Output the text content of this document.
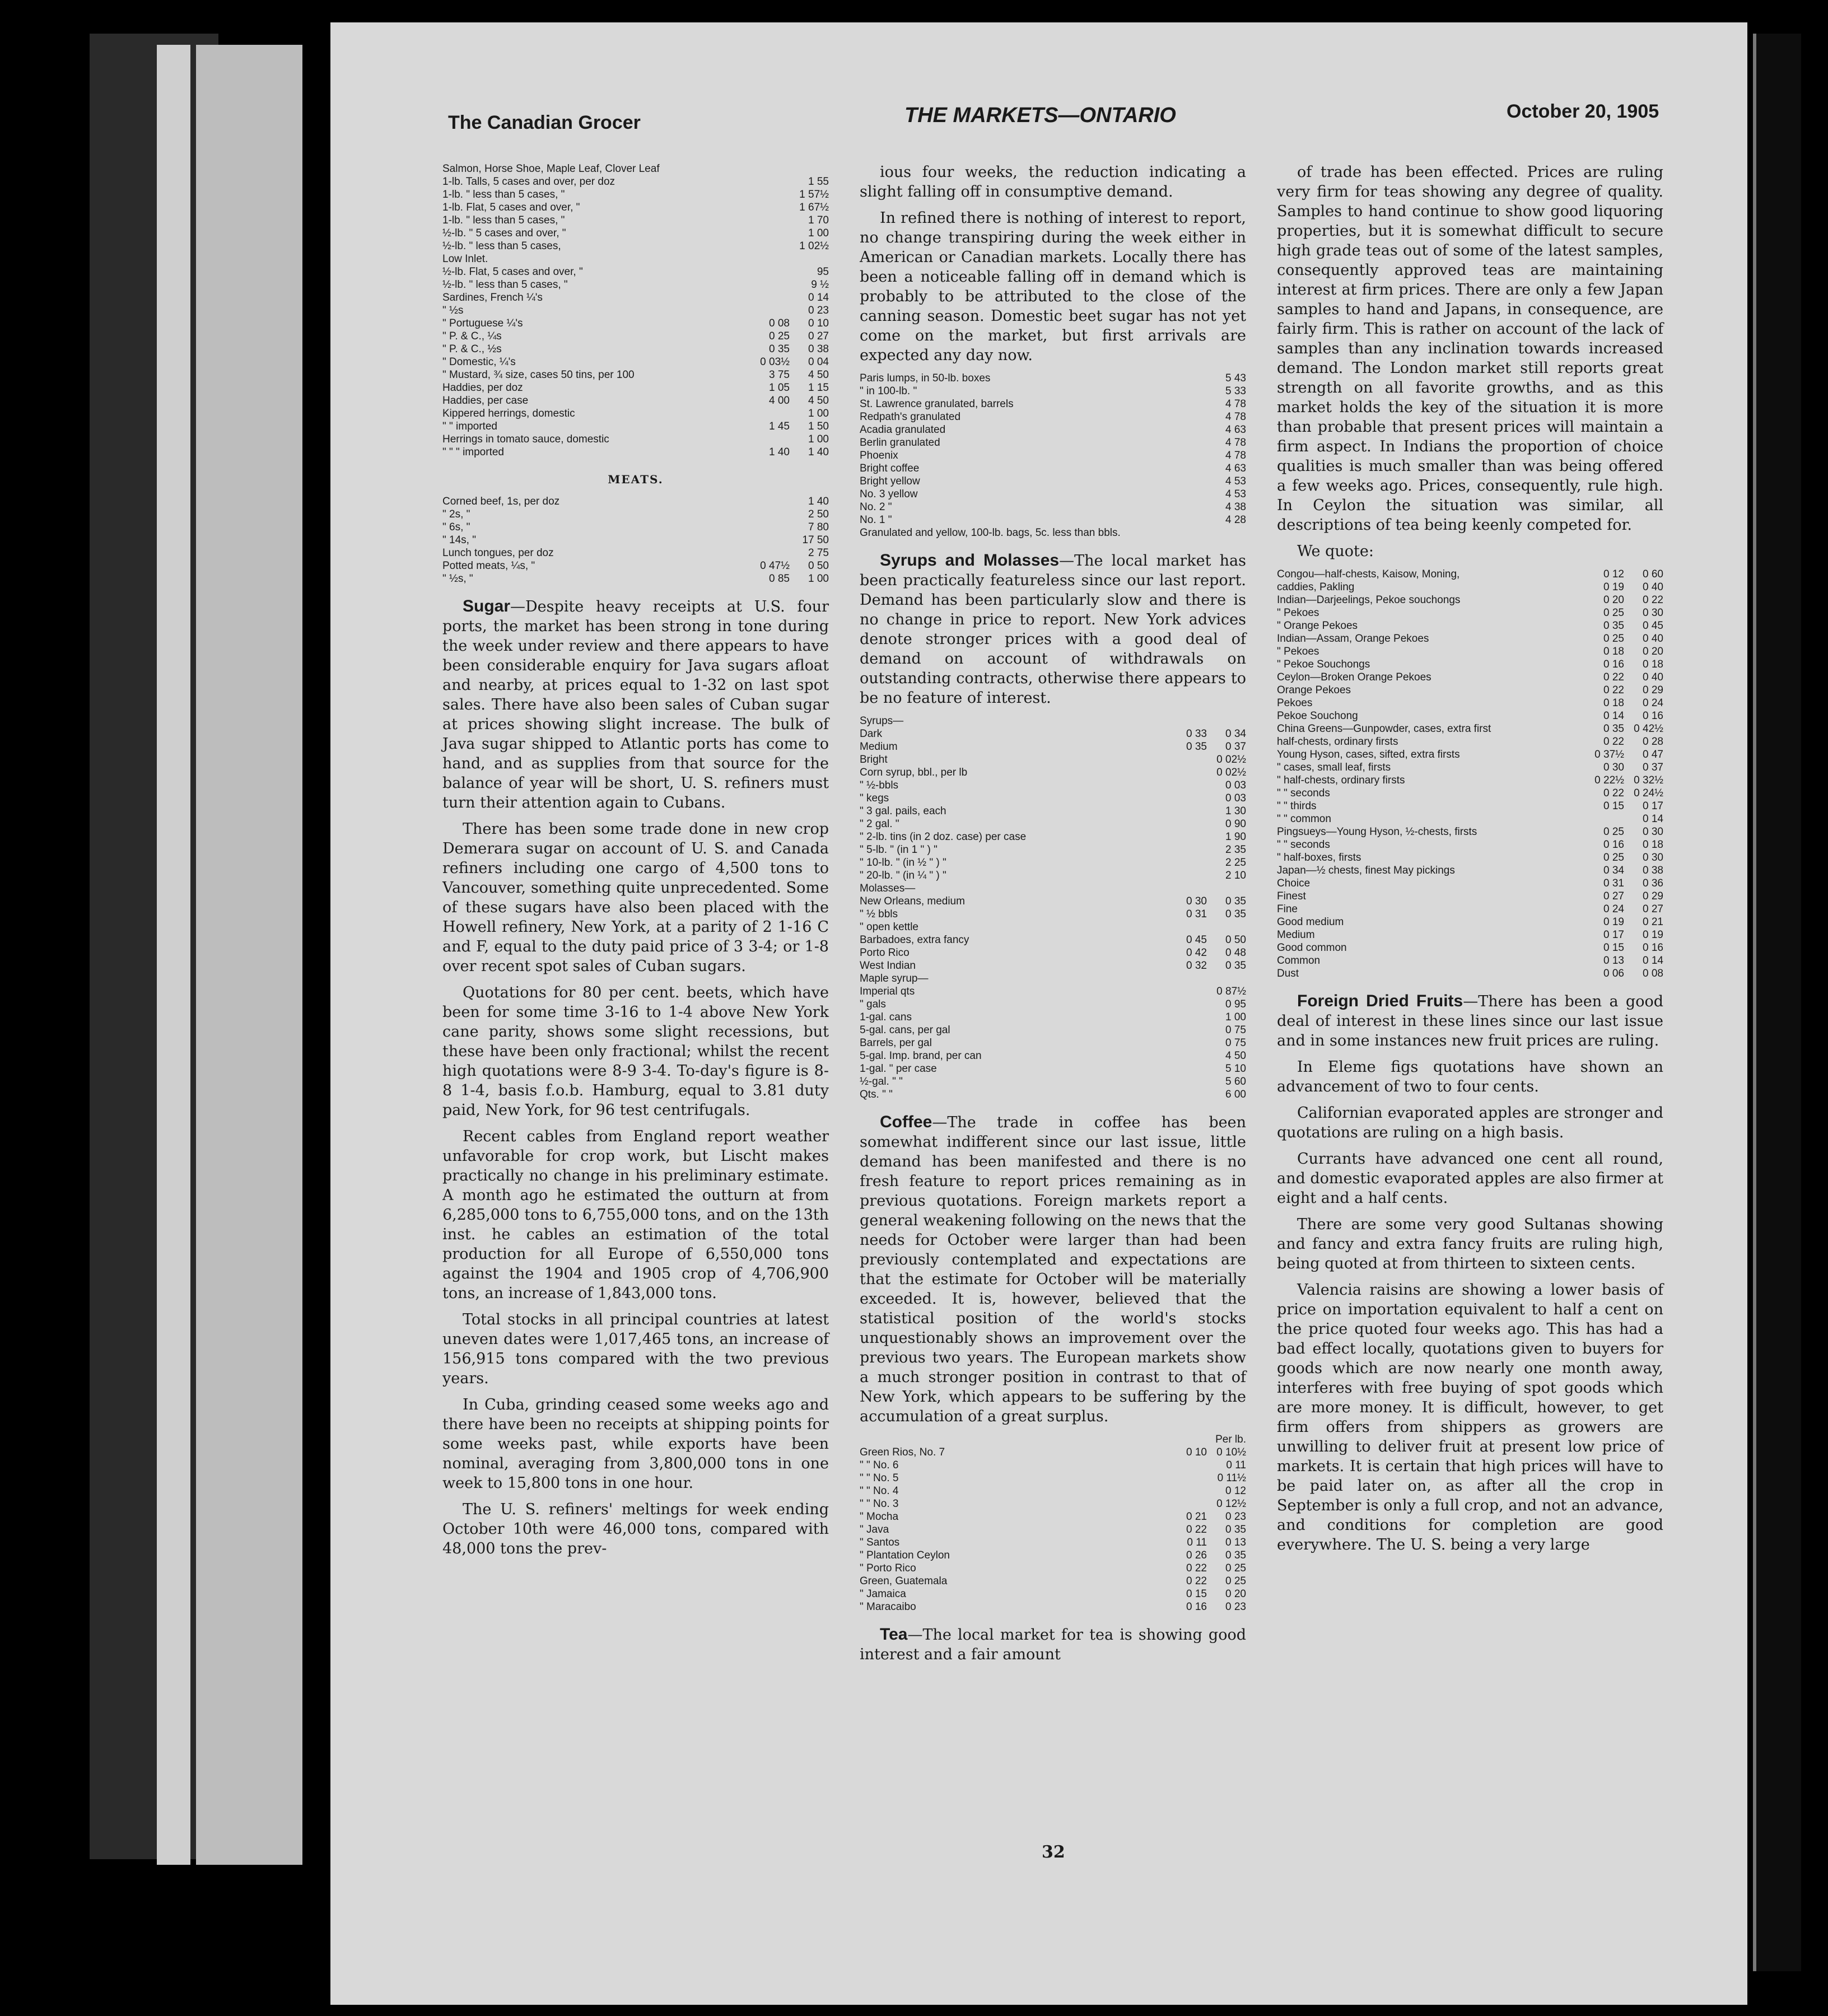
The Canadian Grocer	THE MARKETS—ONTARIO	October 20, 1905
Salmon, Horse Shoe, Maple Leaf, Clover Leaf
1-lb. Talls, 5 cases and over, per doz	1 55
1-lb. " less than 5 cases, "	1 57½
1-lb. Flat, 5 cases and over, "	1 67½
1-lb. " less than 5 cases, "	1 70
½-lb. " 5 cases and over, "	1 00
½-lb. " less than 5 cases,	1 02½
Low Inlet.
½-lb. Flat, 5 cases and over, "	95
½-lb. " less than 5 cases, "	9 ½
Sardines, French ¼'s	0 14
" ½s	0 23
" Portuguese ¼'s	0 08	0 10
" P. & C., ¼s	0 25	0 27
" P. & C., ½s	0 35	0 38
" Domestic, ¼'s	0 03½	0 04
" Mustard, ¾ size, cases 50 tins, per 100	3 75	4 50
Haddies, per doz	1 05	1 15
Haddies, per case	4 00	4 50
Kippered herrings, domestic	1 00
" " imported	1 45	1 50
Herrings in tomato sauce, domestic	1 00
" " " imported	1 40	1 40
MEATS.
Corned beef, 1s, per doz	1 40
" 2s, "	2 50
" 6s, "	7 80
" 14s, "	17 50
Lunch tongues, per doz	2 75
Potted meats, ¼s, "	0 47½	0 50
" ½s, "	0 85	1 00

Sugar—Despite heavy receipts at U.S. four ports, the market has been strong in tone during the week under review and there appears to have been considerable enquiry for Java sugars afloat and nearby, at prices equal to 1-32 on last spot sales. There have also been sales of Cuban sugar at prices showing slight increase. The bulk of Java sugar shipped to Atlantic ports has come to hand, and as supplies from that source for the balance of year will be short, U. S. refiners must turn their attention again to Cubans.

There has been some trade done in new crop Demerara sugar on account of U. S. and Canada refiners including one cargo of 4,500 tons to Vancouver, something quite unprecedented. Some of these sugars have also been placed with the Howell refinery, New York, at a parity of 2 1-16 C and F, equal to the duty paid price of 3 3-4; or 1-8 over recent spot sales of Cuban sugars.

Quotations for 80 per cent. beets, which have been for some time 3-16 to 1-4 above New York cane parity, shows some slight recessions, but these have been only fractional; whilst the recent high quotations were 8-9 3-4. To-day's figure is 8-8 1-4, basis f.o.b. Hamburg, equal to 3.81 duty paid, New York, for 96 test centrifugals.

Recent cables from England report weather unfavorable for crop work, but Lischt makes practically no change in his preliminary estimate. A month ago he estimated the outturn at from 6,285,000 tons to 6,755,000 tons, and on the 13th inst. he cables an estimation of the total production for all Europe of 6,550,000 tons against the 1904 and 1905 crop of 4,706,900 tons, an increase of 1,843,000 tons.

Total stocks in all principal countries at latest uneven dates were 1,017,465 tons, an increase of 156,915 tons compared with the two previous years.

In Cuba, grinding ceased some weeks ago and there have been no receipts at shipping points for some weeks past, while exports have been nominal, averaging from 3,800,000 tons in one week to 15,800 tons in one hour.

The U. S. refiners' meltings for week ending October 10th were 46,000 tons, compared with 48,000 tons the prev-

ious four weeks, the reduction indicating a slight falling off in consumptive demand.

In refined there is nothing of interest to report, no change transpiring during the week either in American or Canadian markets. Locally there has been a noticeable falling off in demand which is probably to be attributed to the close of the canning season. Domestic beet sugar has not yet come on the market, but first arrivals are expected any day now.

Paris lumps, in 50-lb. boxes	5 43
" in 100-lb. "	5 33
St. Lawrence granulated, barrels	4 78
Redpath's granulated	4 78
Acadia granulated	4 63
Berlin granulated	4 78
Phoenix	4 78
Bright coffee	4 63
Bright yellow	4 53
No. 3 yellow	4 53
No. 2 "	4 38
No. 1 "	4 28
Granulated and yellow, 100-lb. bags, 5c. less than bbls.

Syrups and Molasses—The local market has been practically featureless since our last report. Demand has been particularly slow and there is no change in price to report. New York advices denote stronger prices with a good deal of demand on account of withdrawals on outstanding contracts, otherwise there appears to be no feature of interest.

Syrups—
Dark	0 33	0 34
Medium	0 35	0 37
Bright	0 02½
Corn syrup, bbl., per lb	0 02½
" ½-bbls	0 03
" kegs	0 03
" 3 gal. pails, each	1 30
" 2 gal. "	0 90
" 2-lb. tins (in 2 doz. case) per case	1 90
" 5-lb. " (in 1 " ) "	2 35
" 10-lb. " (in ½ " ) "	2 25
" 20-lb. " (in ¼ " ) "	2 10
Molasses—
New Orleans, medium	0 30	0 35
" ½ bbls	0 31	0 35
" open kettle
Barbadoes, extra fancy	0 45	0 50
Porto Rico	0 42	0 48
West Indian	0 32	0 35
Maple syrup—
Imperial qts	0 87½
" gals	0 95
1-gal. cans	1 00
5-gal. cans, per gal	0 75
Barrels, per gal	0 75
5-gal. Imp. brand, per can	4 50
1-gal. " per case	5 10
½-gal. " "	5 60
Qts. " "	6 00

Coffee—The trade in coffee has been somewhat indifferent since our last issue, little demand has been manifested and there is no fresh feature to report prices remaining as in previous quotations. Foreign markets report a general weakening following on the news that the needs for October were larger than had been previously contemplated and expectations are that the estimate for October will be materially exceeded. It is, however, believed that the statistical position of the world's stocks unquestionably shows an improvement over the previous two years. The European markets show a much stronger position in contrast to that of New York, which appears to be suffering by the accumulation of a great surplus.

Per lb.
Green Rios, No. 7	0 10 0 10½
" " No. 6	0 11
" " No. 5	0 11½
" " No. 4	0 12
" " No. 3	0 12½
" Mocha	0 21	0 23
" Java	0 22	0 35
" Santos	0 11	0 13
" Plantation Ceylon	0 26	0 35
" Porto Rico	0 22	0 25
Green, Guatemala	0 22	0 25
" Jamaica	0 15	0 20
" Maracaibo	0 16	0 23

Tea—The local market for tea is showing good interest and a fair amount

of trade has been effected. Prices are ruling very firm for teas showing any degree of quality. Samples to hand continue to show good liquoring properties, but it is somewhat difficult to secure high grade teas out of some of the latest samples, consequently approved teas are maintaining interest at firm prices. There are only a few Japan samples to hand and Japans, in consequence, are fairly firm. This is rather on account of the lack of samples than any inclination towards increased demand. The London market still reports great strength on all favorite growths, and as this market holds the key of the situation it is more than probable that present prices will maintain a firm aspect. In Indians the proportion of choice qualities is much smaller than was being offered a few weeks ago. Prices, consequently, rule high. In Ceylon the situation was similar, all descriptions of tea being keenly competed for.

We quote:

Congou—half-chests, Kaisow, Moning,	0 12	0 60
caddies, Pakling	0 19	0 40
Indian—Darjeelings, Pekoe souchongs	0 20	0 22
" Pekoes	0 25	0 30
" Orange Pekoes	0 35	0 45
Indian—Assam, Orange Pekoes	0 25	0 40
" Pekoes	0 18	0 20
" Pekoe Souchongs	0 16	0 18
Ceylon—Broken Orange Pekoes	0 22	0 40
Orange Pekoes	0 22	0 29
Pekoes	0 18	0 24
Pekoe Souchong	0 14	0 16
China Greens—Gunpowder, cases, extra first	0 35 0 42½
half-chests, ordinary firsts	0 22	0 28
Young Hyson, cases, sifted, extra firsts	0 37½	0 47
" cases, small leaf, firsts	0 30	0 37
" half-chests, ordinary firsts	0 22½ 0 32½
" " seconds	0 22 0 24½
" " thirds	0 15	0 17
" " common	0 14
Pingsueys—Young Hyson, ½-chests, firsts	0 25	0 30
" " seconds	0 16	0 18
" half-boxes, firsts	0 25	0 30
Japan—½ chests, finest May pickings	0 34	0 38
Choice	0 31	0 36
Finest	0 27	0 29
Fine	0 24	0 27
Good medium	0 19	0 21
Medium	0 17	0 19
Good common	0 15	0 16
Common	0 13	0 14
Dust	0 06	0 08

Foreign Dried Fruits—There has been a good deal of interest in these lines since our last issue and in some instances new fruit prices are ruling.

In Eleme figs quotations have shown an advancement of two to four cents.

Californian evaporated apples are stronger and quotations are ruling on a high basis.

Currants have advanced one cent all round, and domestic evaporated apples are also firmer at eight and a half cents.

There are some very good Sultanas showing and fancy and extra fancy fruits are ruling high, being quoted at from thirteen to sixteen cents.

Valencia raisins are showing a lower basis of price on importation equivalent to half a cent on the price quoted four weeks ago. This has had a bad effect locally, quotations given to buyers for goods which are now nearly one month away, interferes with free buying of spot goods which are more money. It is difficult, however, to get firm offers from shippers as growers are unwilling to deliver fruit at present low price of markets. It is certain that high prices will have to be paid later on, as after all the crop in September is only a full crop, and not an advance, and conditions for completion are good everywhere. The U. S. being a very large

32
